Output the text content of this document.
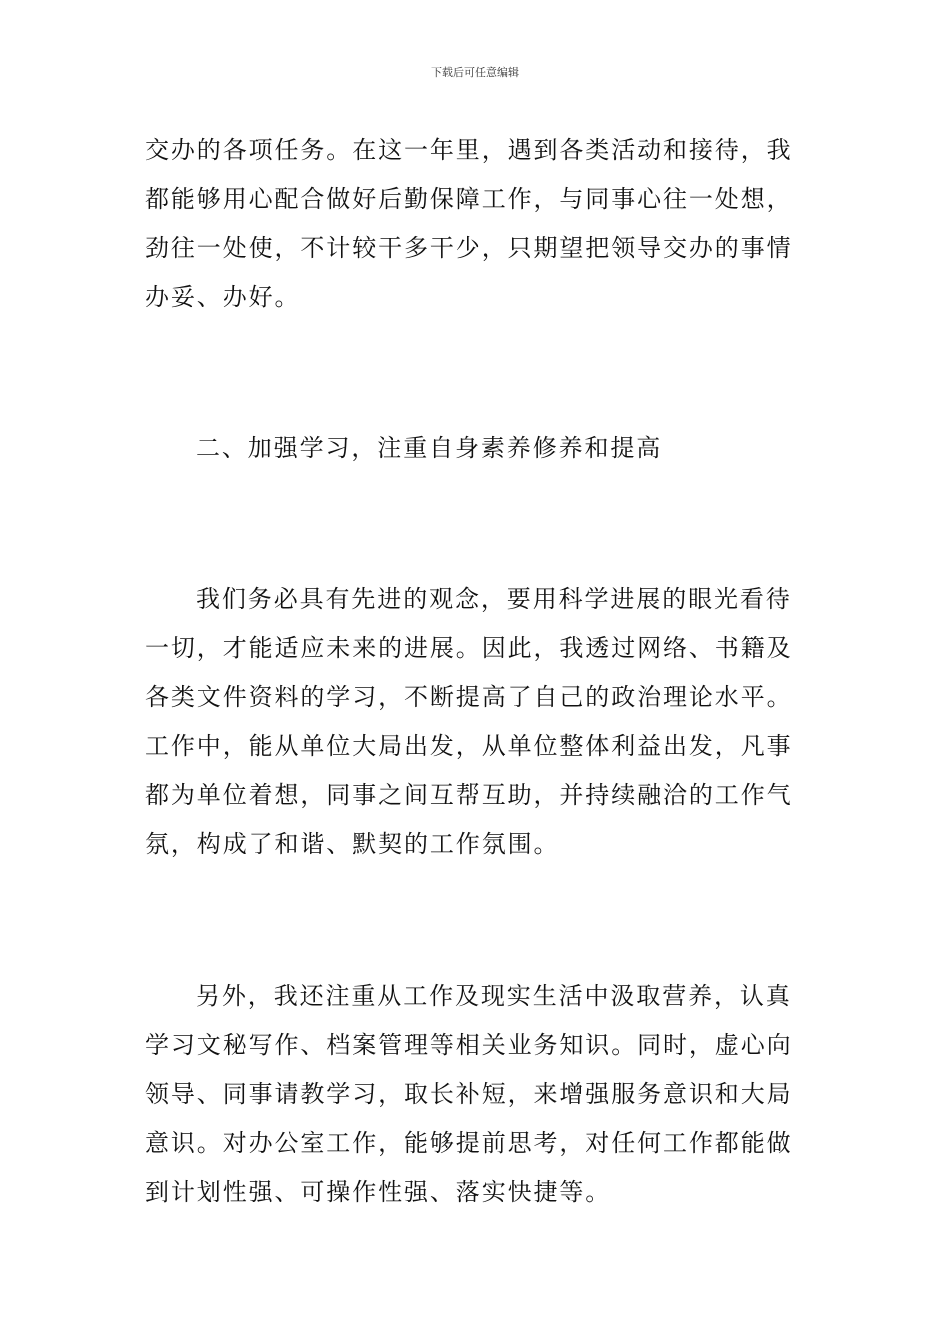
下载后可任意编辑
交办的各项任务。在这一年里，遇到各类活动和接待，我
都能够用心配合做好后勤保障工作，与同事心往一处想，
劲往一处使，不计较干多干少，只期望把领导交办的事情
办妥、办好。
二、加强学习，注重自身素养修养和提高
我们务必具有先进的观念，要用科学进展的眼光看待
一切，才能适应未来的进展。因此，我透过网络、书籍及
各类文件资料的学习，不断提高了自己的政治理论水平。
工作中，能从单位大局出发，从单位整体利益出发，凡事
都为单位着想，同事之间互帮互助，并持续融洽的工作气
氛，构成了和谐、默契的工作氛围。
另外，我还注重从工作及现实生活中汲取营养，认真
学习文秘写作、档案管理等相关业务知识。同时，虚心向
领导、同事请教学习，取长补短，来增强服务意识和大局
意识。对办公室工作，能够提前思考，对任何工作都能做
到计划性强、可操作性强、落实快捷等。
